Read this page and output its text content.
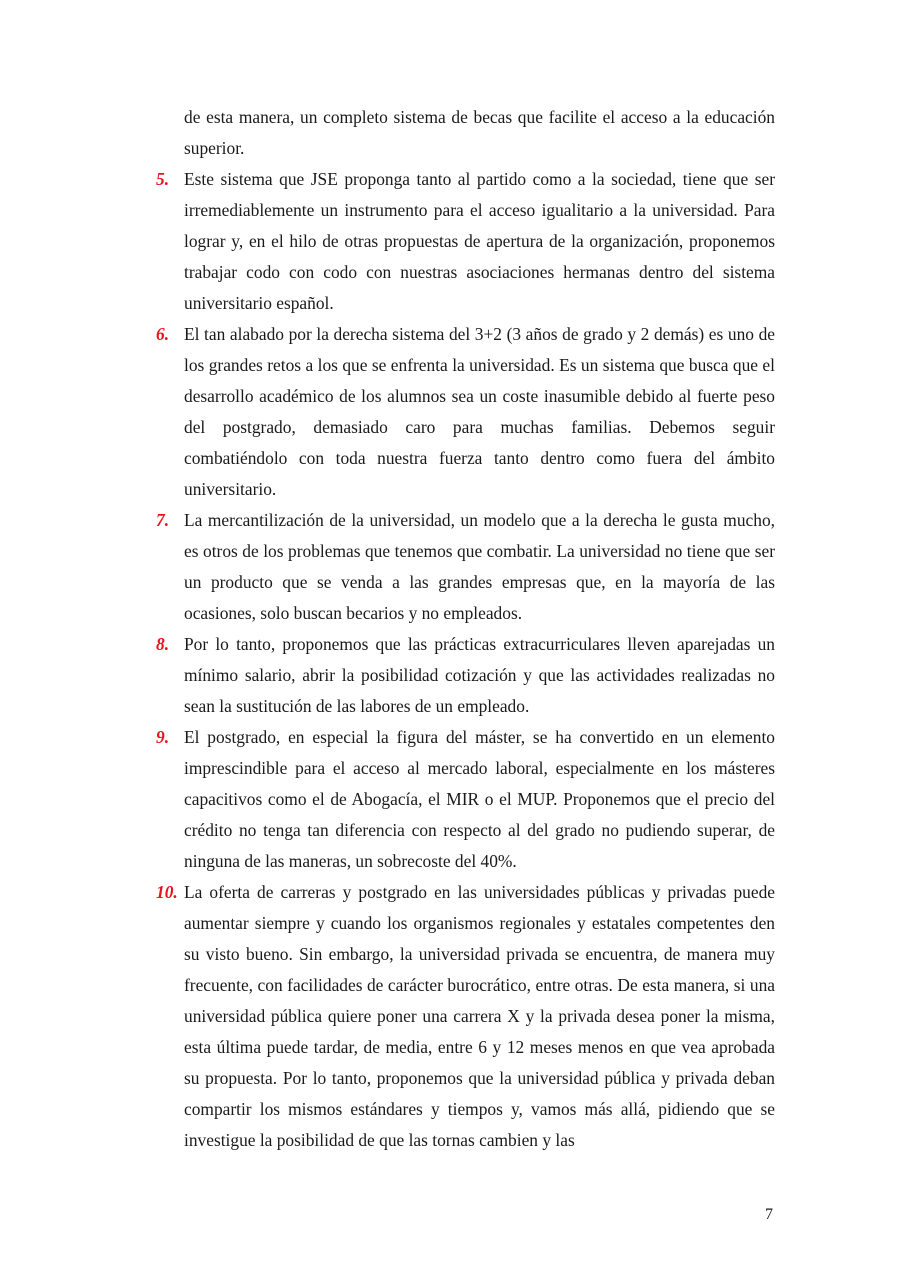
de esta manera, un completo sistema de becas que facilite el acceso a la educación superior.

5. Este sistema que JSE proponga tanto al partido como a la sociedad, tiene que ser irremediablemente un instrumento para el acceso igualitario a la universidad. Para lograr y, en el hilo de otras propuestas de apertura de la organización, proponemos trabajar codo con codo con nuestras asociaciones hermanas dentro del sistema universitario español.
6. El tan alabado por la derecha sistema del 3+2 (3 años de grado y 2 demás) es uno de los grandes retos a los que se enfrenta la universidad. Es un sistema que busca que el desarrollo académico de los alumnos sea un coste inasumible debido al fuerte peso del postgrado, demasiado caro para muchas familias. Debemos seguir combatiéndolo con toda nuestra fuerza tanto dentro como fuera del ámbito universitario.
7. La mercantilización de la universidad, un modelo que a la derecha le gusta mucho, es otros de los problemas que tenemos que combatir. La universidad no tiene que ser un producto que se venda a las grandes empresas que, en la mayoría de las ocasiones, solo buscan becarios y no empleados.
8. Por lo tanto, proponemos que las prácticas extracurriculares lleven aparejadas un mínimo salario, abrir la posibilidad cotización y que las actividades realizadas no sean la sustitución de las labores de un empleado.
9. El postgrado, en especial la figura del máster, se ha convertido en un elemento imprescindible para el acceso al mercado laboral, especialmente en los másteres capacitivos como el de Abogacía, el MIR o el MUP. Proponemos que el precio del crédito no tenga tan diferencia con respecto al del grado no pudiendo superar, de ninguna de las maneras, un sobrecoste del 40%.
10. La oferta de carreras y postgrado en las universidades públicas y privadas puede aumentar siempre y cuando los organismos regionales y estatales competentes den su visto bueno. Sin embargo, la universidad privada se encuentra, de manera muy frecuente, con facilidades de carácter burocrático, entre otras. De esta manera, si una universidad pública quiere poner una carrera X y la privada desea poner la misma, esta última puede tardar, de media, entre 6 y 12 meses menos en que vea aprobada su propuesta. Por lo tanto, proponemos que la universidad pública y privada deban compartir los mismos estándares y tiempos y, vamos más allá, pidiendo que se investigue la posibilidad de que las tornas cambien y las
7
